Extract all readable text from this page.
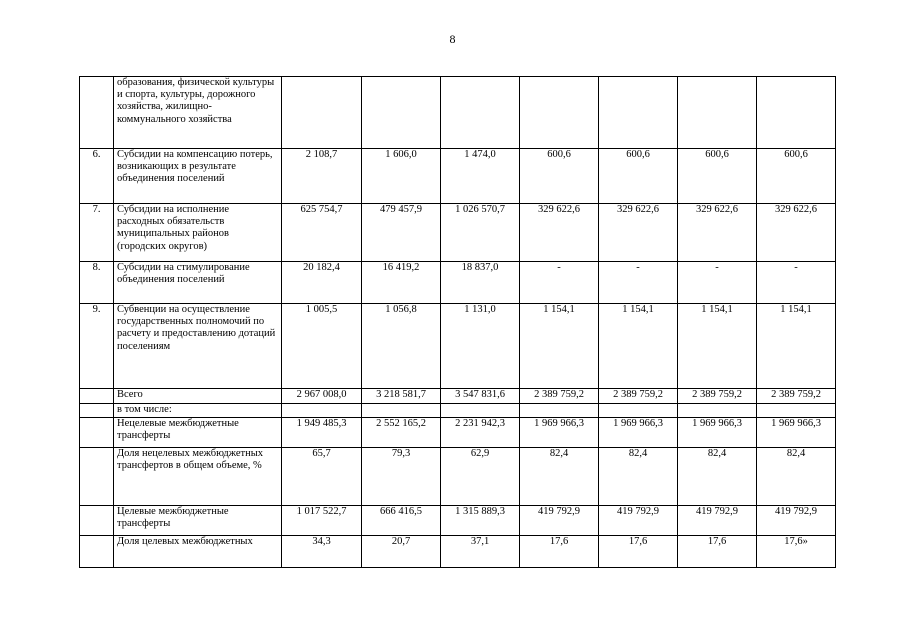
8
	образования, физической культуры и спорта, культуры, дорожного хозяйства, жилищно-коммунального хозяйства							
6.	Субсидии на компенсацию потерь, возникающих в результате объединения поселений	2 108,7	1 606,0	1 474,0	600,6	600,6	600,6	600,6
7.	Субсидии на исполнение расходных обязательств муниципальных районов (городских округов)	625 754,7	479 457,9	1 026 570,7	329 622,6	329 622,6	329 622,6	329 622,6
8.	Субсидии на стимулирование объединения поселений	20 182,4	16 419,2	18 837,0	-	-	-	-
9.	Субвенции на осуществление государственных полномочий по расчету и предоставлению дотаций поселениям	1 005,5	1 056,8	1 131,0	1 154,1	1 154,1	1 154,1	1 154,1
	Всего	2 967 008,0	3 218 581,7	3 547 831,6	2 389 759,2	2 389 759,2	2 389 759,2	2 389 759,2
	в том числе:							
	Нецелевые межбюджетные трансферты	1 949 485,3	2 552 165,2	2 231 942,3	1 969 966,3	1 969 966,3	1 969 966,3	1 969 966,3
	Доля нецелевых межбюджетных трансфертов в общем объеме, %	65,7	79,3	62,9	82,4	82,4	82,4	82,4
	Целевые межбюджетные трансферты	1 017 522,7	666 416,5	1 315 889,3	419 792,9	419 792,9	419 792,9	419 792,9
	Доля целевых межбюджетных	34,3	20,7	37,1	17,6	17,6	17,6	17,6»
